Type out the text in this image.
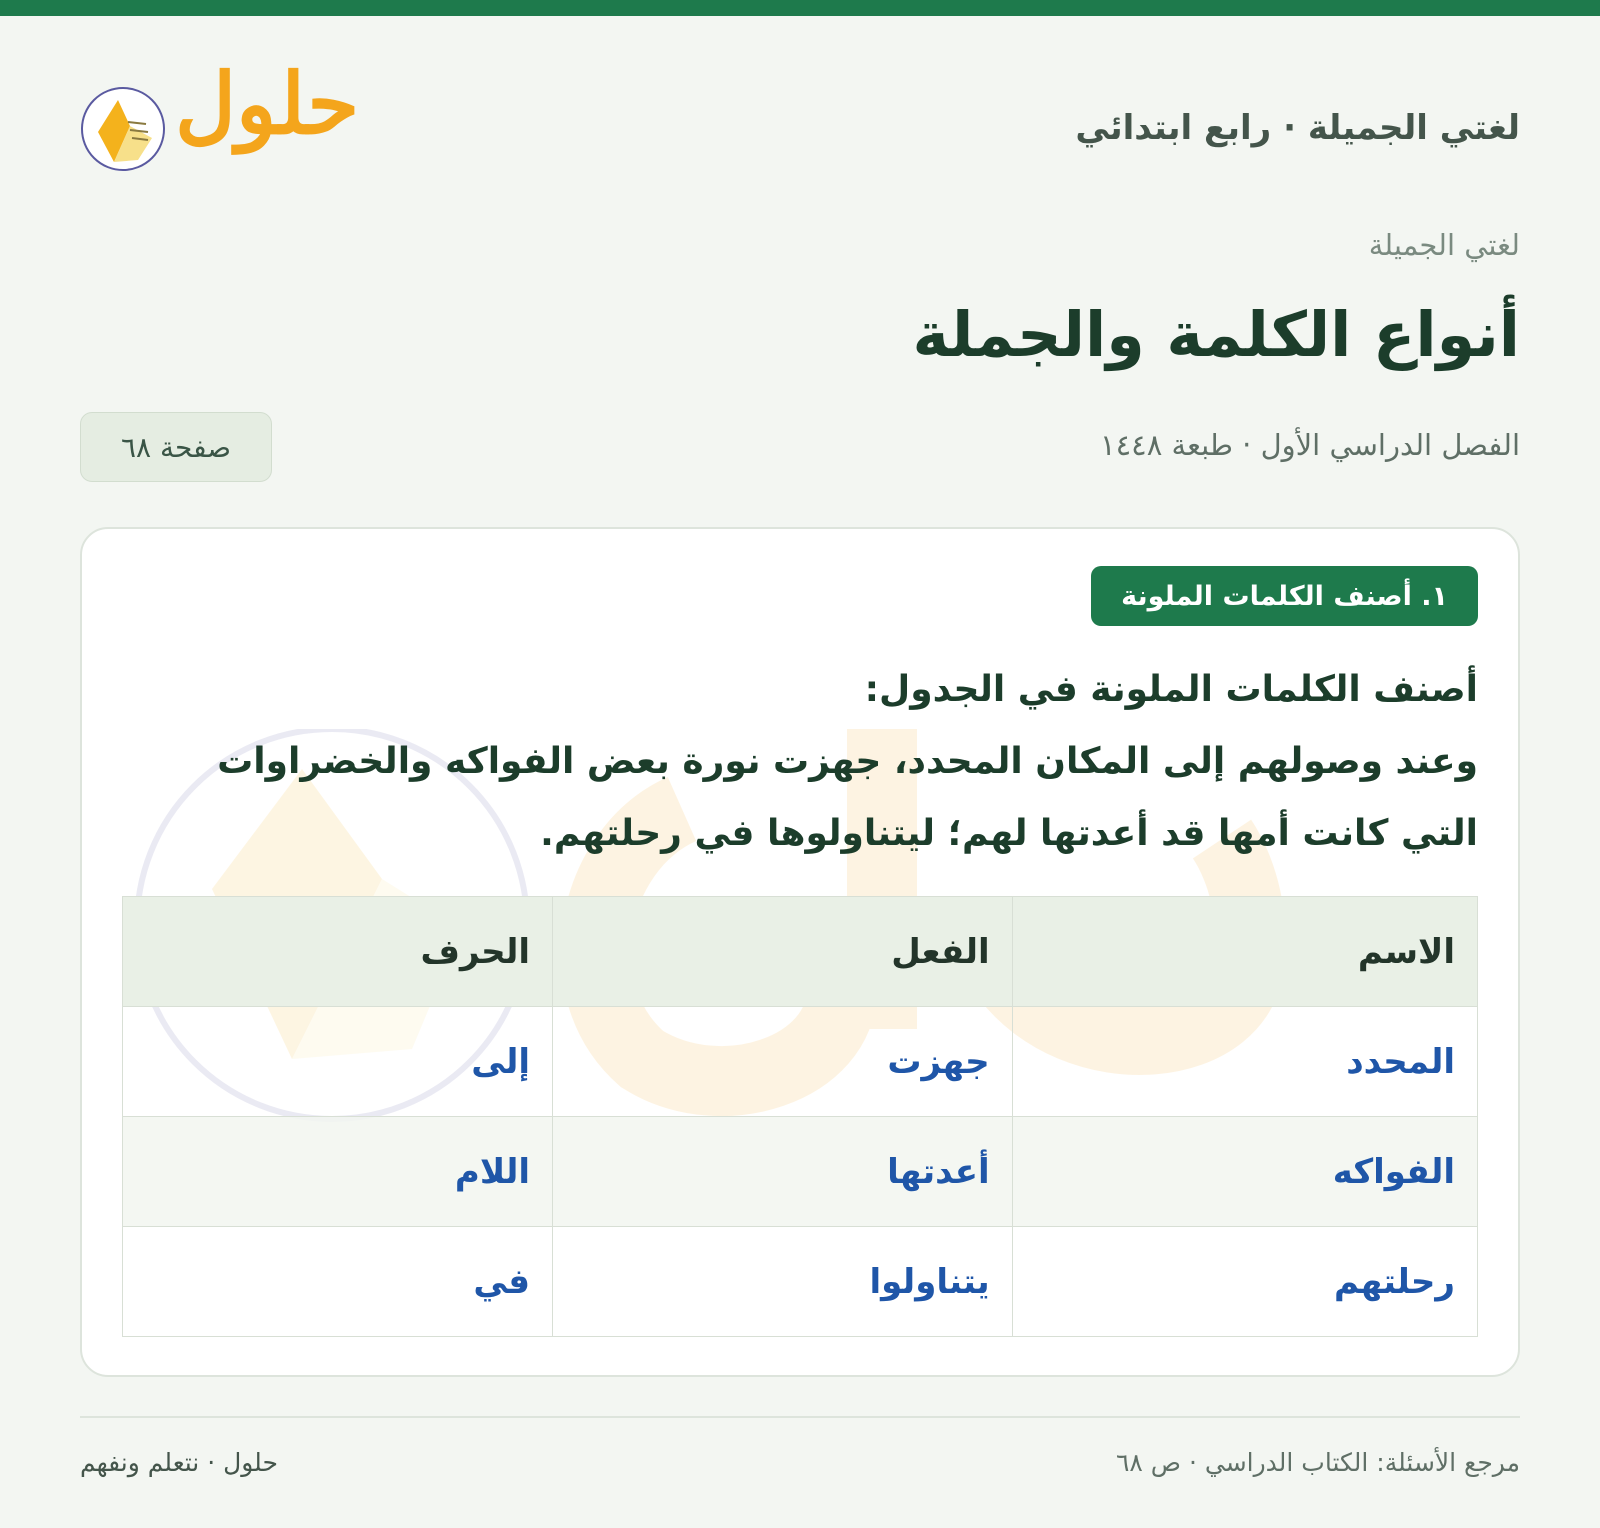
لغتي الجميلة · رابع ابتدائي
حلول
لغتي الجميلة
أنواع الكلمة والجملة
الفصل الدراسي الأول · طبعة ١٤٤٨
صفحة ٦٨
١. أصنف الكلمات الملونة
أصنف الكلمات الملونة في الجدول:
وعند وصولهم إلى المكان المحدد، جهزت نورة بعض الفواكه والخضراوات
التي كانت أمها قد أعدتها لهم؛ ليتناولوها في رحلتهم.
الاسم	الفعل	الحرف
المحدد	جهزت	إلى
الفواكه	أعدتها	اللام
رحلتهم	يتناولوا	في
حلول · نتعلم ونفهم	مرجع الأسئلة: الكتاب الدراسي · ص ٦٨
